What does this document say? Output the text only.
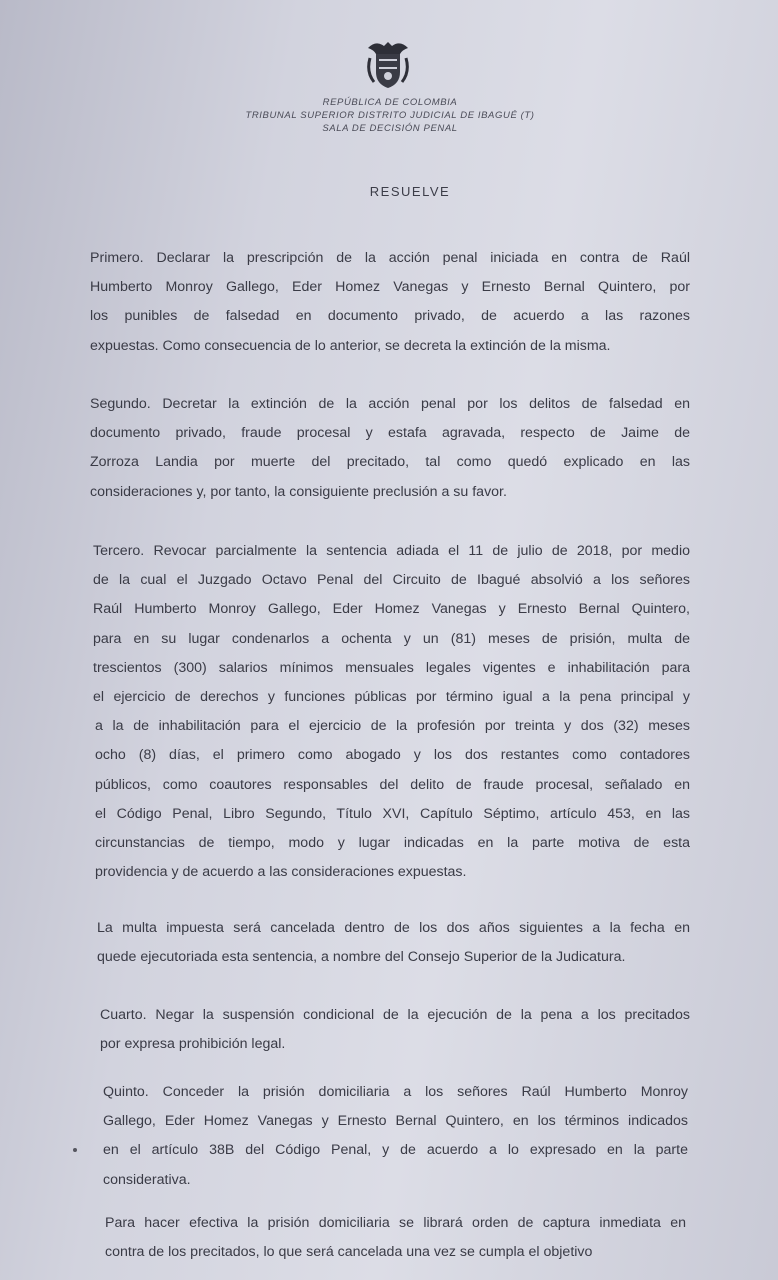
REPÚBLICA DE COLOMBIA
TRIBUNAL SUPERIOR DISTRITO JUDICIAL DE IBAGUÉ (T)
SALA DE DECISIÓN PENAL
RESUELVE
Primero. Declarar la prescripción de la acción penal iniciada en contra de Raúl
Humberto Monroy Gallego, Eder Homez Vanegas y Ernesto Bernal Quintero, por
los punibles de falsedad en documento privado, de acuerdo a las razones
expuestas. Como consecuencia de lo anterior, se decreta la extinción de la misma.
Segundo. Decretar la extinción de la acción penal por los delitos de falsedad en
documento privado, fraude procesal y estafa agravada, respecto de Jaime de
Zorroza Landia por muerte del precitado, tal como quedó explicado en las
consideraciones y, por tanto, la consiguiente preclusión a su favor.
Tercero. Revocar parcialmente la sentencia adiada el 11 de julio de 2018, por medio
de la cual el Juzgado Octavo Penal del Circuito de Ibagué absolvió a los señores
Raúl Humberto Monroy Gallego, Eder Homez Vanegas y Ernesto Bernal Quintero,
para en su lugar condenarlos a ochenta y un (81) meses de prisión, multa de
trescientos (300) salarios mínimos mensuales legales vigentes e inhabilitación para
el ejercicio de derechos y funciones públicas por término igual a la pena principal y
a la de inhabilitación para el ejercicio de la profesión por treinta y dos (32) meses
ocho (8) días, el primero como abogado y los dos restantes como contadores
públicos, como coautores responsables del delito de fraude procesal, señalado en
el Código Penal, Libro Segundo, Título XVI, Capítulo Séptimo, artículo 453, en las
circunstancias de tiempo, modo y lugar indicadas en la parte motiva de esta
providencia y de acuerdo a las consideraciones expuestas.
La multa impuesta será cancelada dentro de los dos años siguientes a la fecha en
quede ejecutoriada esta sentencia, a nombre del Consejo Superior de la Judicatura.
Cuarto. Negar la suspensión condicional de la ejecución de la pena a los precitados
por expresa prohibición legal.
Quinto. Conceder la prisión domiciliaria a los señores Raúl Humberto Monroy
Gallego, Eder Homez Vanegas y Ernesto Bernal Quintero, en los términos indicados
en el artículo 38B del Código Penal, y de acuerdo a lo expresado en la parte
considerativa.
Para hacer efectiva la prisión domiciliaria se librará orden de captura inmediata en
contra de los precitados, lo que será cancelada una vez se cumpla el objetivo
